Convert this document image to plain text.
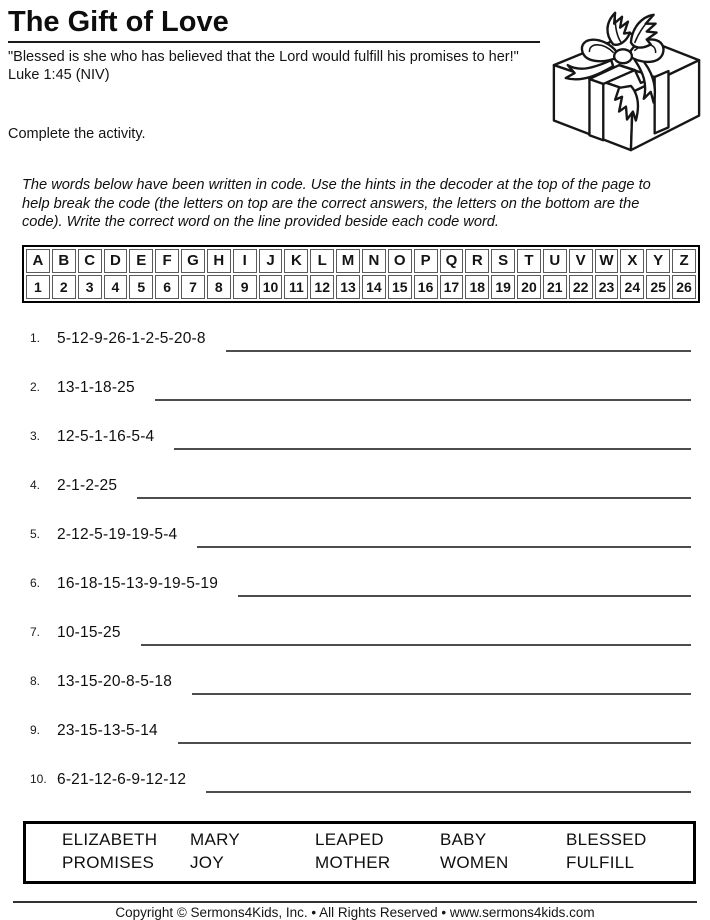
The Gift of Love
"Blessed is she who has believed that the Lord would fulfill his promises to her!" Luke 1:45 (NIV)
Complete the activity.
The words below have been written in code. Use the hints in the decoder at the top of the page to help break the code (the letters on top are the correct answers, the letters on the bottom are the code). Write the correct word on the line provided beside each code word.
A	B	C	D	E	F	G	H	I	J	K	L	M	N	O	P	Q	R	S	T	U	V	W	X	Y	Z
1	2	3	4	5	6	7	8	9	10	11	12	13	14	15	16	17	18	19	20	21	22	23	24	25	26
1.	5-12-9-26-1-2-5-20-8
2.	13-1-18-25
3.	12-5-1-16-5-4
4.	2-1-2-25
5.	2-12-5-19-19-5-4
6.	16-18-15-13-9-19-5-19
7.	10-15-25
8.	13-15-20-8-5-18
9.	23-15-13-5-14
10. 6-21-12-6-9-12-12
ELIZABETH	MARY	LEAPED	BABY	BLESSED
PROMISES	JOY	MOTHER	WOMEN	FULFILL
Copyright © Sermons4Kids, Inc. • All Rights Reserved • www.sermons4kids.com
